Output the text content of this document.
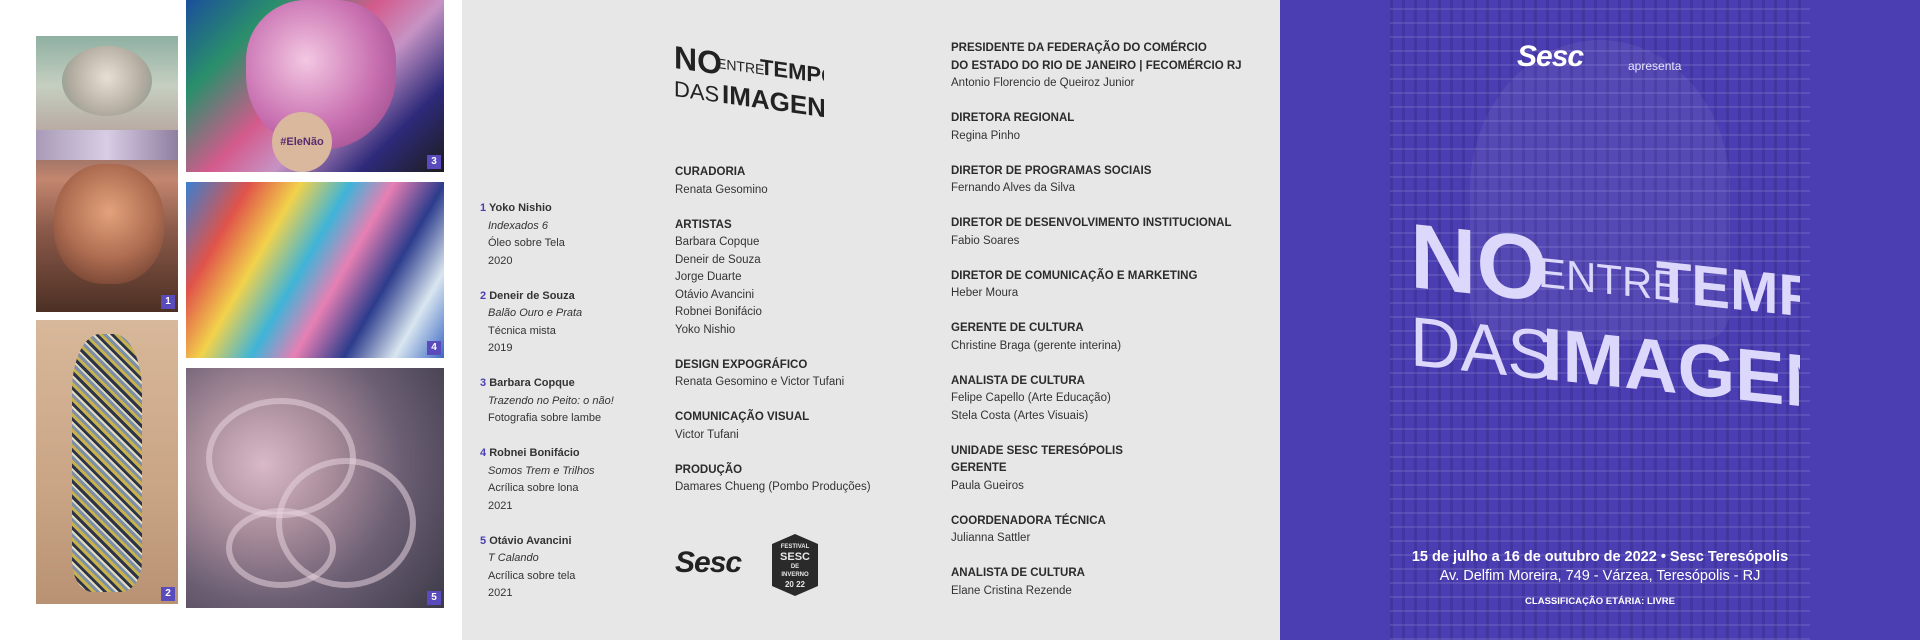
1
2
#EleNão
3
4
5
1 Yoko Nishio
Indexados 6
Óleo sobre Tela
2020
2 Deneir de Souza
Balão Ouro e Prata
Técnica mista
2019
3 Barbara Copque
Trazendo no Peito: o não!
Fotografia sobre lambe
4 Robnei Bonifácio
Somos Trem e Trilhos
Acrílica sobre lona
2021
5 Otávio Avancini
T Calando
Acrílica sobre tela
2021
NO
ENTRE
TEMPO
DAS IMAGENS
CURADORIA
Renata Gesomino
ARTISTAS
Barbara Copque
Deneir de Souza
Jorge Duarte
Otávio Avancini
Robnei Bonifácio
Yoko Nishio
DESIGN EXPOGRÁFICO
Renata Gesomino e Victor Tufani
COMUNICAÇÃO VISUAL
Victor Tufani
PRODUÇÃO
Damares Chueng (Pombo Produções)
PRESIDENTE DA FEDERAÇÃO DO COMÉRCIO
DO ESTADO DO RIO DE JANEIRO | FECOMÉRCIO RJ
Antonio Florencio de Queiroz Junior
DIRETORA REGIONAL
Regina Pinho
DIRETOR DE PROGRAMAS SOCIAIS
Fernando Alves da Silva
DIRETOR DE DESENVOLVIMENTO INSTITUCIONAL
Fabio Soares
DIRETOR DE COMUNICAÇÃO E MARKETING
Heber Moura
GERENTE DE CULTURA
Christine Braga (gerente interina)
ANALISTA DE CULTURA
Felipe Capello (Arte Educação)
Stela Costa (Artes Visuais)
UNIDADE SESC TERESÓPOLIS
GERENTE
Paula Gueiros
COORDENADORA TÉCNICA
Julianna Sattler
ANALISTA DE CULTURA
Elane Cristina Rezende
Sesc	FESTIVAL
SESC
DE
INVERNO
20 22
Sesc	apresenta
NO
ENTRE
TEMPO
DAS
IMAGENS
15 de julho a 16 de outubro de 2022 • Sesc Teresópolis
Av. Delfim Moreira, 749 - Várzea, Teresópolis - RJ
CLASSIFICAÇÃO ETÁRIA: LIVRE
